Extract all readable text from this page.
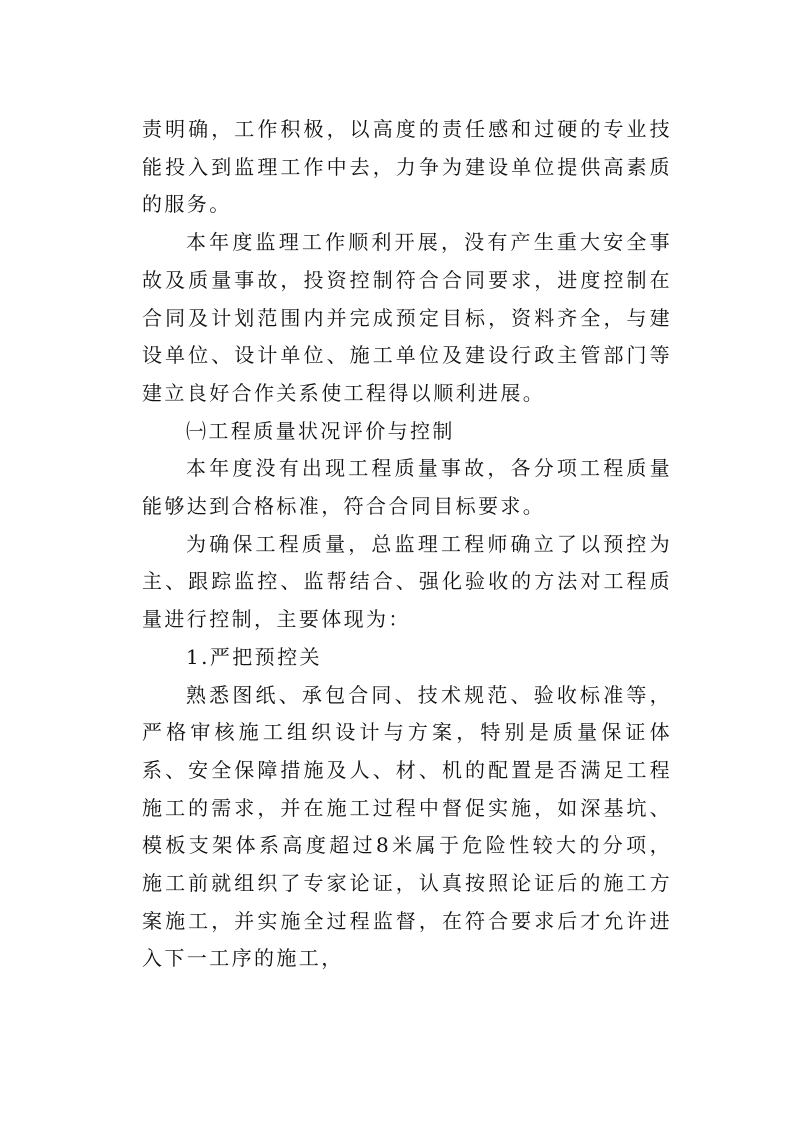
责明确，工作积极，以高度的责任感和过硬的专业技能投入到监理工作中去，力争为建设单位提供高素质的服务。

本年度监理工作顺利开展，没有产生重大安全事故及质量事故，投资控制符合合同要求，进度控制在合同及计划范围内并完成预定目标，资料齐全，与建设单位、设计单位、施工单位及建设行政主管部门等建立良好合作关系使工程得以顺利进展。

㈠工程质量状况评价与控制

本年度没有出现工程质量事故，各分项工程质量能够达到合格标准，符合合同目标要求。

为确保工程质量，总监理工程师确立了以预控为主、跟踪监控、监帮结合、强化验收的方法对工程质量进行控制，主要体现为：

1.严把预控关

熟悉图纸、承包合同、技术规范、验收标准等，严格审核施工组织设计与方案，特别是质量保证体系、安全保障措施及人、材、机的配置是否满足工程施工的需求，并在施工过程中督促实施，如深基坑、模板支架体系高度超过8米属于危险性较大的分项，施工前就组织了专家论证，认真按照论证后的施工方案施工，并实施全过程监督，在符合要求后才允许进入下一工序的施工，
